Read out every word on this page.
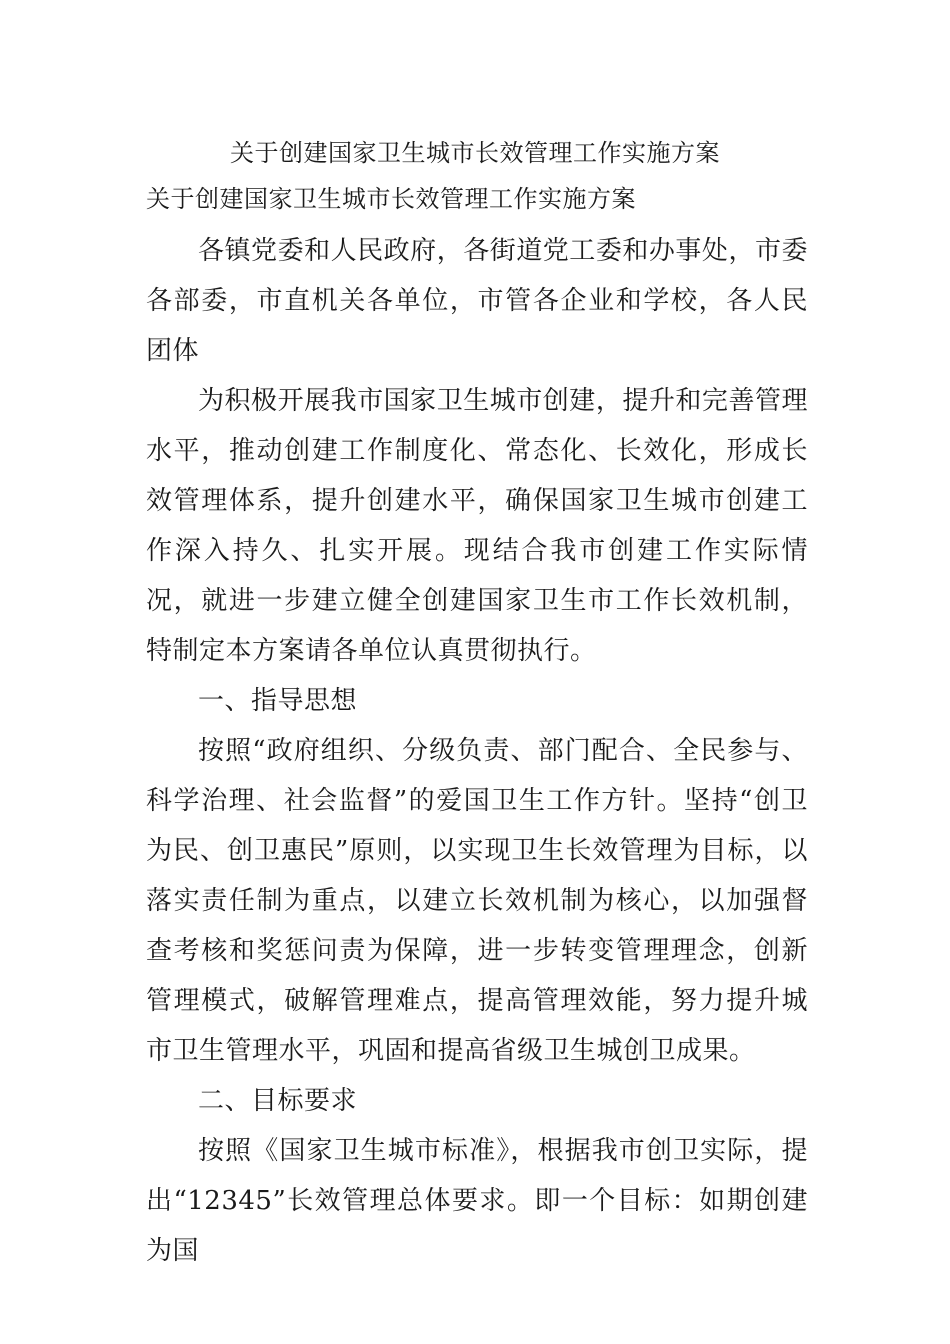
关于创建国家卫生城市长效管理工作实施方案
关于创建国家卫生城市长效管理工作实施方案

各镇党委和人民政府，各街道党工委和办事处，市委各部委，市直机关各单位，市管各企业和学校，各人民团体

为积极开展我市国家卫生城市创建，提升和完善管理水平，推动创建工作制度化、常态化、长效化，形成长效管理体系，提升创建水平，确保国家卫生城市创建工作深入持久、扎实开展。现结合我市创建工作实际情况，就进一步建立健全创建国家卫生市工作长效机制，特制定本方案请各单位认真贯彻执行。

一、指导思想

按照“政府组织、分级负责、部门配合、全民参与、科学治理、社会监督”的爱国卫生工作方针。坚持“创卫为民、创卫惠民”原则，以实现卫生长效管理为目标，以落实责任制为重点，以建立长效机制为核心，以加强督查考核和奖惩问责为保障，进一步转变管理理念，创新管理模式，破解管理难点，提高管理效能，努力提升城市卫生管理水平，巩固和提高省级卫生城创卫成果。

二、目标要求

按照《国家卫生城市标准》，根据我市创卫实际，提出“12345”长效管理总体要求。即一个目标：如期创建为国
